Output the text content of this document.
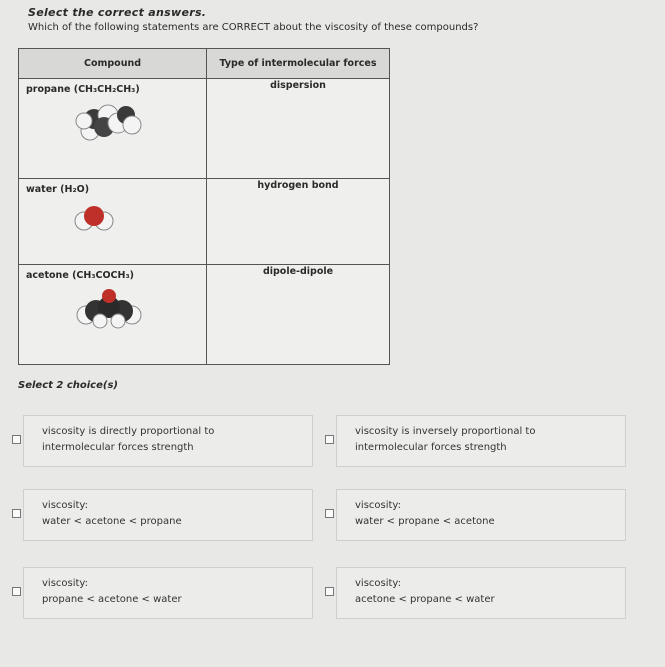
Select the correct answers.
Which of the following statements are CORRECT about the viscosity of these compounds?
Compound	Type of intermolecular forces

propane (CH₃CH₂CH₃)	dispersion

water (H₂O)	hydrogen bond

acetone (CH₃COCH₃)	dipole-dipole
Select 2 choice(s)
viscosity is directly proportional to
intermolecular forces strength
viscosity is inversely proportional to
intermolecular forces strength
viscosity:
water < acetone < propane
viscosity:
water < propane < acetone
viscosity:
propane < acetone < water
viscosity:
acetone < propane < water
